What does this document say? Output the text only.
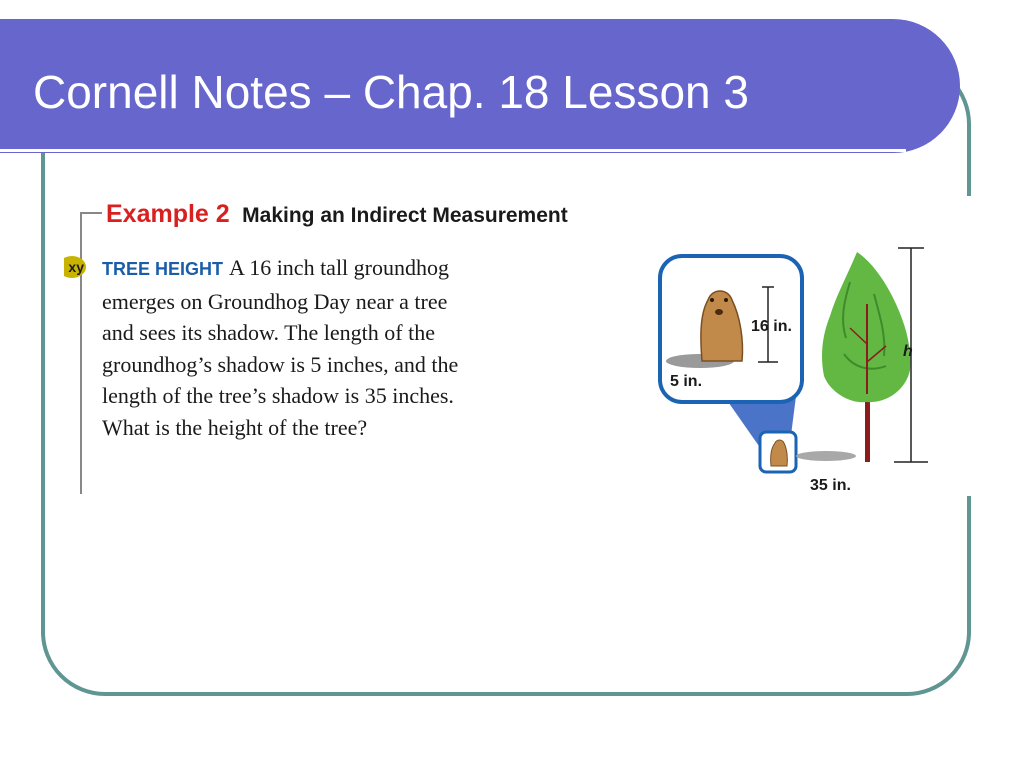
Cornell Notes – Chap. 18 Lesson 3
Example 2 Making an Indirect Measurement
xy TREE HEIGHT A 16 inch tall groundhog
emerges on Groundhog Day near a tree
and sees its shadow. The length of the
groundhog’s shadow is 5 inches, and the
length of the tree’s shadow is 35 inches.
What is the height of the tree?
16 in.
5 in.
h
35 in.
